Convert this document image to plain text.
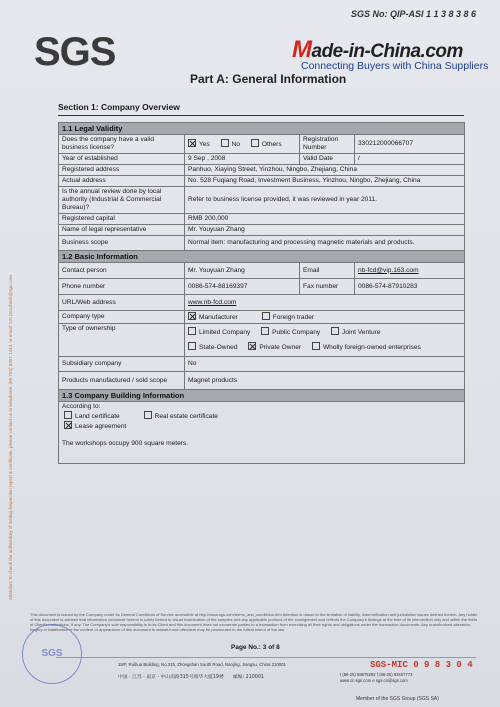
SGS
SGS No: QIP-ASI 1 1 3 8 3 8 6
Made-in-China.com
Connecting Buyers with China Suppliers
Part A: General Information
Section 1: Company Overview
Attention: To check the authenticity of testing /inspection report & certificate, please contact us at telephone: (86-755) 8307 1443, or email: CN.Doccheck@sgs.com
1.1 Legal Validity			
Does the company have a valid business license?	Yes No Others	Registration Number	330212000066707
Year of established	9 Sep , 2008	Valid Date	/
Registered address	Panhuo, Xiaying Street, Yinzhou, Ningbo, Zhejiang, China		
Actual address	No. 528 Fuqiang Road, Investment Business, Yinzhou, Ningbo, Zhejiang, China		
Is the annual review done by local authority (Industrial & Commercial Bureau)?	Refer to business license provided, it was reviewed in year 2011.		
Registered capital	RMB 200,000		
Name of legal representative	Mr. Youyuan Zhang		
Business scope	Normal item: manufacturing and processing magnetic materials and products.		
1.2 Basic Information			
Contact person	Mr. Youyuan Zhang	Email	nb-fcd@vip.163.com
Phone number	0086-574-88169397	Fax number	0086-574-87910283
URL/Web address	www.nb-fcd.com		
Company type	Manufacturer Foreign trader		
Type of ownership	Limited Company Public Company Joint Venture
State-Owned Private Owner Wholly foreign-owned enterprises		
Subsidiary company	No		
Products manufactured / sold scope	Magnet products		
1.3 Company Building Information			

According to:
Land certificate Real estate certificate
Lease agreement
The workshops occupy 900 square meters.			
This document is issued by the Company under its General Conditions of Service accessible at http://www.sgs.com/terms_and_conditions.htm Attention is drawn to the limitation of liability, indemnification and jurisdiction issues defined therein. Any holder of this document is advised that information contained hereon is solely limited to visual examination of the samples and any applicable portions of the consignment and reflects the Company's findings at the time of its intervention only and within the limits of Client's instructions, if any. The Company's sole responsibility is to its Client and this document does not exonerate parties to a transaction from exercising all their rights and obligations under the transaction documents. Any unauthorized alteration, forgery or falsification of the content or appearance of this document is unlawful and offenders may be prosecuted to the fullest extent of the law.
Page No.: 3 of 8
SGS
19/F, Ruihua Building, No.315, Zhongshan South Road, Nanjing, Jiangsu, China 210001
中国 · 江苏 · 南京 · 中山南路315号瑞华大厦19楼 邮编: 210001
t (86-25) 58675282 f (86-25) 83407773
www.cn.sgs.com e sgs.cn@sgs.com
SGS-MIC 0 9 8 3 0 4
Member of the SGS Group (SGS SA)
